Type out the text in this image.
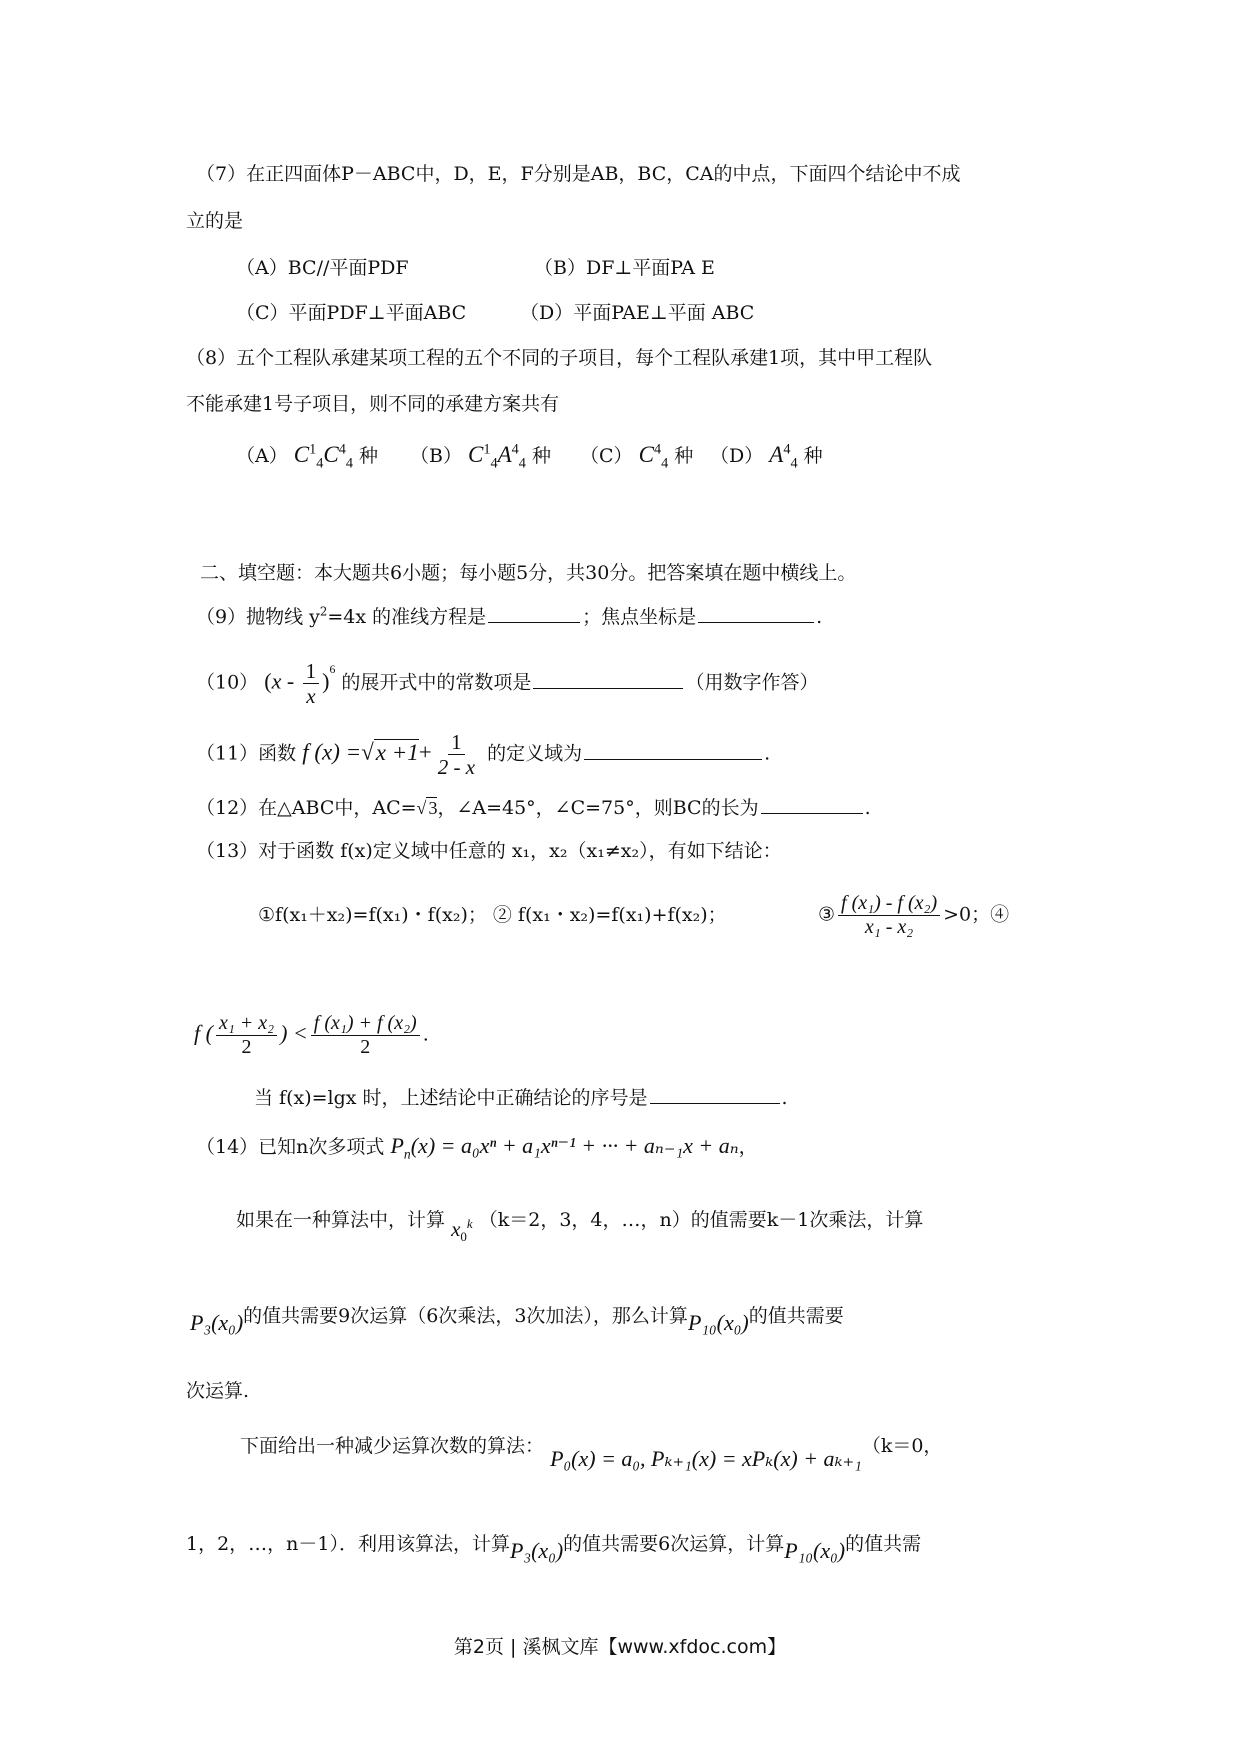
（7）在正四面体P－ABC中，D，E，F分别是AB，BC，CA的中点，下面四个结论中不成
立的是
（A）BC//平面PDF	（B）DF⊥平面PA E
（C）平面PDF⊥平面ABC	（D）平面PAE⊥平面 ABC
（8）五个工程队承建某项工程的五个不同的子项目，每个工程队承建1项，其中甲工程队
不能承建1号子项目，则不同的承建方案共有
（A） $C^1_4C^4_4$ 种 （B） $C^1_4A^4_4$ 种 （C） $C^4_4$ 种 （D） $A^4_4$ 种
二、填空题：本大题共6小题；每小题5分，共30分。把答案填在题中横线上。
（9）抛物线 $y^2=4x$ 的准线方程是	；焦点坐标是	.
（10） $(x - \frac{1}{x} )^6$ 的展开式中的常数项是	（用数字作答）
（11）函数 f $(x) =√x +1+ \frac{1}{2 - x}$ 的定义域为	.
（12）在△ABC中，AC=√ 3，∠A=45°，∠C=75°，则BC的长为	.
（13）对于函数 f(x)定义域中任意的 x₁，x₂（x₁≠x₂），有如下结论：
①f(x₁＋x₂)=f(x₁)・f(x₂)； ② f(x₁・x₂)=f(x₁)+f(x₂)；	③ $\frac{\text{f (x₁) - f (x₂)}}{\text{x₁ - x₂}} >0$；④
f ( $\frac{\text{x₁ + x₂}}{2}$ ) < $\frac{\text{f (x₁) + f (x₂)}}{2}$ .
当 f(x)=lgx 时，上述结论中正确结论的序号是	.
（14）已知n次多项式 $P_n(x) = a_0x^n + a_1x^{n-1}$ + ··· + aₙ₋₁x + aₙ，
如果在一种算法中，计算 $x_0^k$ （k＝2，3，4，…，n）的值需要k－1次乘法，计算
P₃(x₀)的值共需要9次运算（6次乘法，3次加法），那么计算P₁₀(x₀)的值共需要
次运算.
下面给出一种减少运算次数的算法： P₀(x) = a₀, Pₖ₊₁(x) = xPₖ(x) + aₖ₊₁（k＝0，
1，2，…，n－1）．利用该算法，计算P₃(x₀)的值共需要6次运算，计算P₁₀(x₀)的值共需
第2页 | 溪枫文库【www.xfdoc.com】
